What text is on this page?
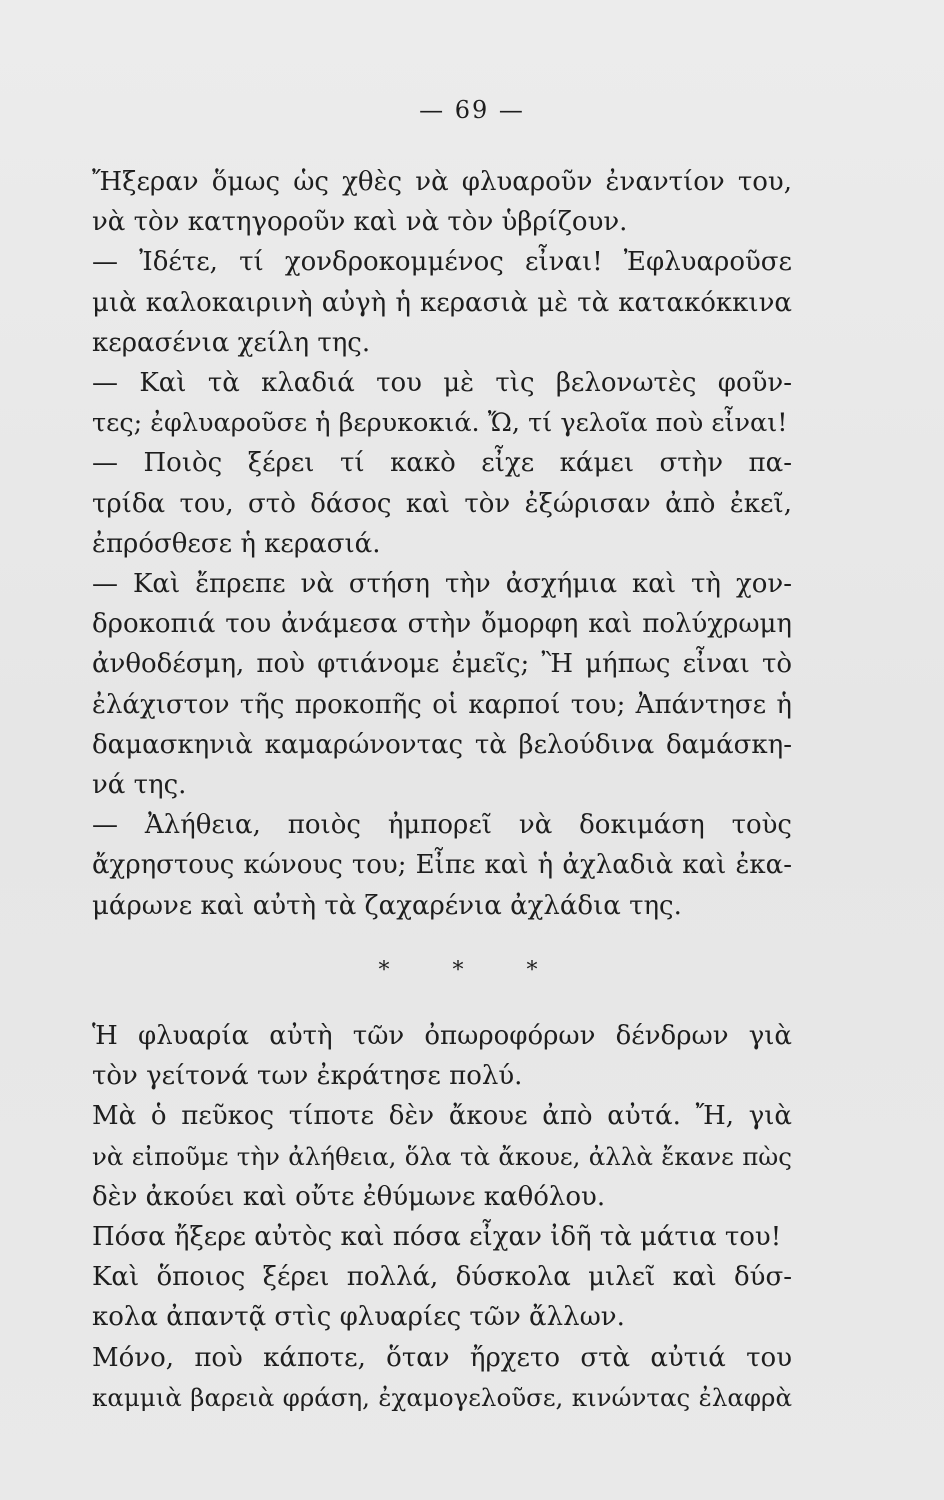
— 69 —
Ἤξεραν ὅμως ὡς χθὲς νὰ φλυαροῦν ἐναντίον του,
νὰ τὸν κατηγοροῦν καὶ νὰ τὸν ὑβρίζουν.
— Ἰδέτε, τί χονδροκομμένος εἶναι! Ἐφλυαροῦσε
μιὰ καλοκαιρινὴ αὐγὴ ἡ κερασιὰ μὲ τὰ κατακόκκινα
κερασένια χείλη της.
— Καὶ τὰ κλαδιά του μὲ τὶς βελονωτὲς φοῦν-
τες; ἐφλυαροῦσε ἡ βερυκοκιά. Ὤ, τί γελοῖα ποὺ εἶναι!
— Ποιὸς ξέρει τί κακὸ εἶχε κάμει στὴν πα-
τρίδα του, στὸ δάσος καὶ τὸν ἐξώρισαν ἀπὸ ἐκεῖ,
ἐπρόσθεσε ἡ κερασιά.
— Καὶ ἔπρεπε νὰ στήση τὴν ἀσχήμια καὶ τὴ χον-
δροκοπιά του ἀνάμεσα στὴν ὄμορφη καὶ πολύχρωμη
ἀνθοδέσμη, ποὺ φτιάνομε ἐμεῖς; Ἢ μήπως εἶναι τὸ
ἐλάχιστον τῆς προκοπῆς οἱ καρποί του; Ἀπάντησε ἡ
δαμασκηνιὰ καμαρώνοντας τὰ βελούδινα δαμάσκη-
νά της.
— Ἀλήθεια, ποιὸς ἠμπορεῖ νὰ δοκιμάση τοὺς
ἄχρηστους κώνους του; Εἶπε καὶ ἡ ἀχλαδιὰ καὶ ἐκα-
μάρωνε καὶ αὐτὴ τὰ ζαχαρένια ἀχλάδια της.
* * *
Ἡ φλυαρία αὐτὴ τῶν ὀπωροφόρων δένδρων γιὰ
τὸν γείτονά των ἐκράτησε πολύ.
Μὰ ὁ πεῦκος τίποτε δὲν ἄκουε ἀπὸ αὐτά. Ἤ, γιὰ
νὰ εἰποῦμε τὴν ἀλήθεια, ὅλα τὰ ἄκουε, ἀλλὰ ἔκανε πὼς
δὲν ἀκούει καὶ οὔτε ἐθύμωνε καθόλου.
Πόσα ἤξερε αὐτὸς καὶ πόσα εἶχαν ἰδῆ τὰ μάτια του!
Καὶ ὅποιος ξέρει πολλά, δύσκολα μιλεῖ καὶ δύσ-
κολα ἀπαντᾷ στὶς φλυαρίες τῶν ἄλλων.
Μόνο, ποὺ κάποτε, ὅταν ἤρχετο στὰ αὐτιά του
καμμιὰ βαρειὰ φράση, ἐχαμογελοῦσε, κινώντας ἐλαφρὰ
